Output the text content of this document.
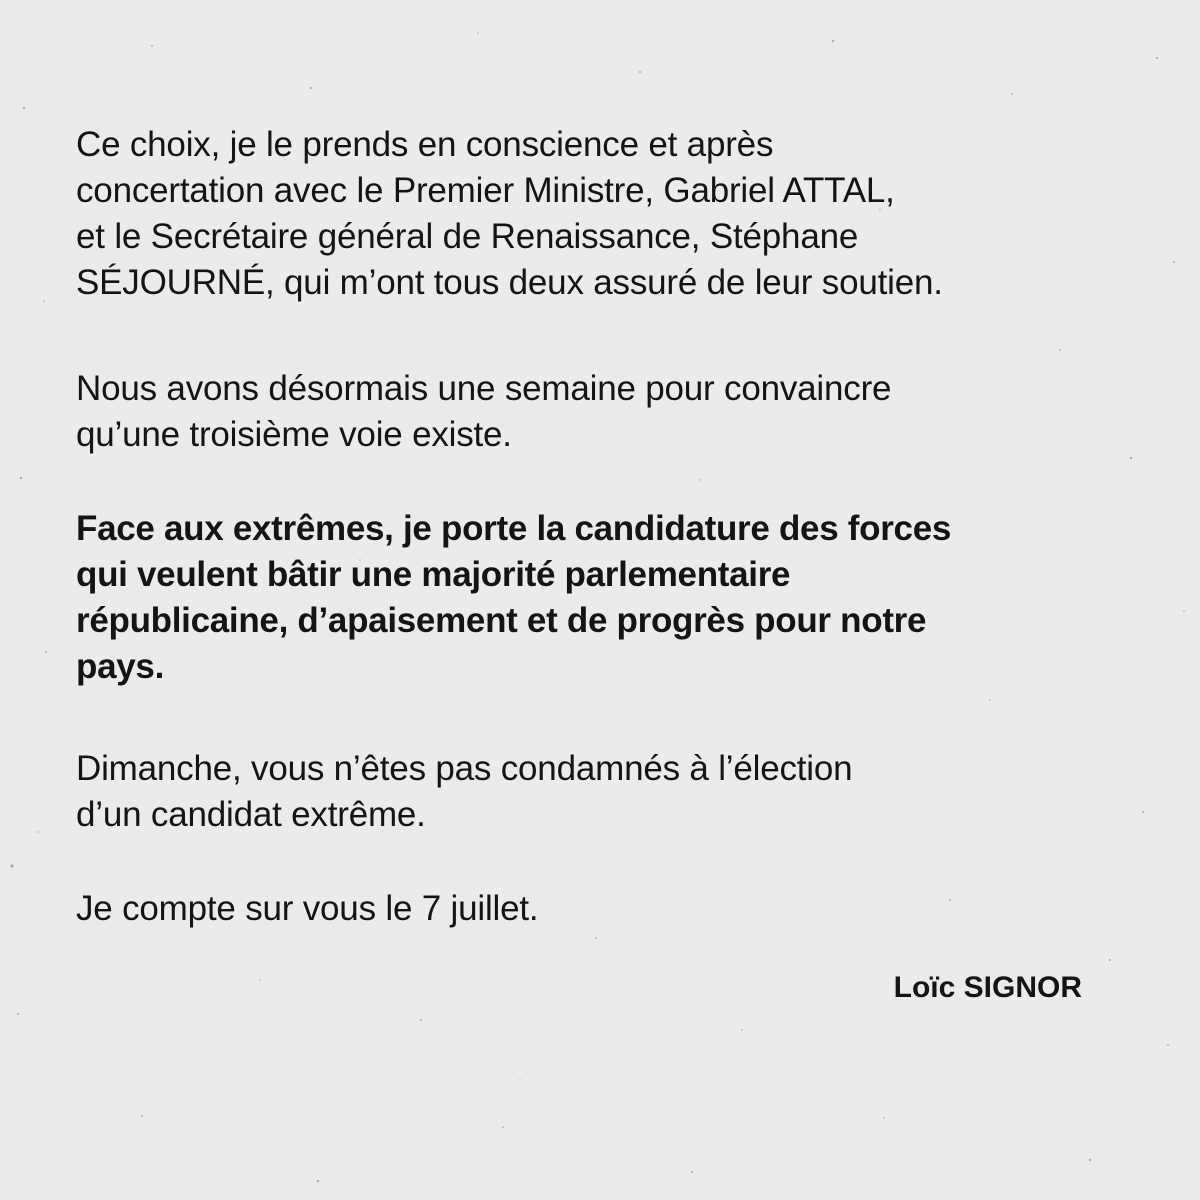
Ce choix, je le prends en conscience et après
concertation avec le Premier Ministre, Gabriel ATTAL,
et le Secrétaire général de Renaissance, Stéphane
SÉJOURNÉ, qui m’ont tous deux assuré de leur soutien.

Nous avons désormais une semaine pour convaincre
qu’une troisième voie existe.

Face aux extrêmes, je porte la candidature des forces
qui veulent bâtir une majorité parlementaire
républicaine, d’apaisement et de progrès pour notre
pays.

Dimanche, vous n’êtes pas condamnés à l’élection
d’un candidat extrême.

Je compte sur vous le 7 juillet.

Loïc SIGNOR
